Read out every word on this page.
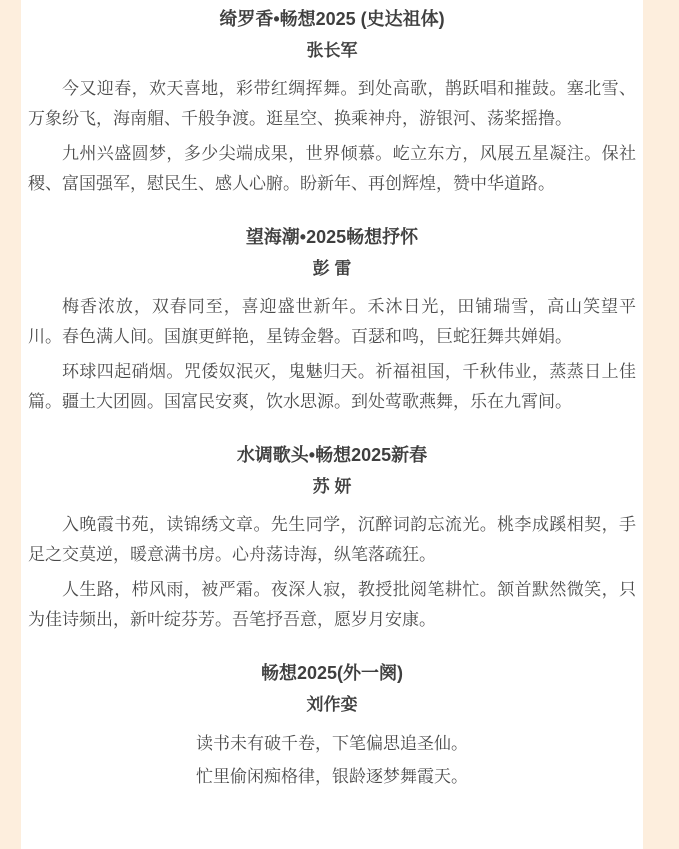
绮罗香•畅想2025 (史达祖体)
张长军

今又迎春，欢天喜地，彩带红绸挥舞。到处高歌，鹊跃唱和摧鼓。塞北雪、万象纷飞，海南艒、千般争渡。逛星空、换乘神舟，游银河、荡桨摇撸。

九州兴盛圆梦，多少尖端成果，世界倾慕。屹立东方，风展五星凝注。保社稷、富国强军，慰民生、感人心腑。盼新年、再创辉煌，赞中华道路。

望海潮•2025畅想抒怀
彭 雷

梅香浓放，双春同至，喜迎盛世新年。禾沐日光，田铺瑞雪，高山笑望平川。春色满人间。国旗更鲜艳，星铸金磐。百瑟和鸣，巨蛇狂舞共婵娟。

环球四起硝烟。咒倭奴泯灭，鬼魅归天。祈福祖国，千秋伟业，蒸蒸日上佳篇。疆土大团圆。国富民安爽，饮水思源。到处莺歌燕舞，乐在九霄间。

水调歌头•畅想2025新春
苏 妍

入晚霞书苑，读锦绣文章。先生同学，沉醉词韵忘流光。桃李成蹊相契，手足之交莫逆，暖意满书房。心舟荡诗海，纵笔落疏狂。

人生路，栉风雨，被严霜。夜深人寂，教授批阅笔耕忙。颔首默然微笑，只为佳诗频出，新叶绽芬芳。吾笔抒吾意，愿岁月安康。

畅想2025(外一阕)
刘作娈

读书未有破千卷，下笔偏思追圣仙。

忙里偷闲痴格律，银龄逐梦舞霞天。
